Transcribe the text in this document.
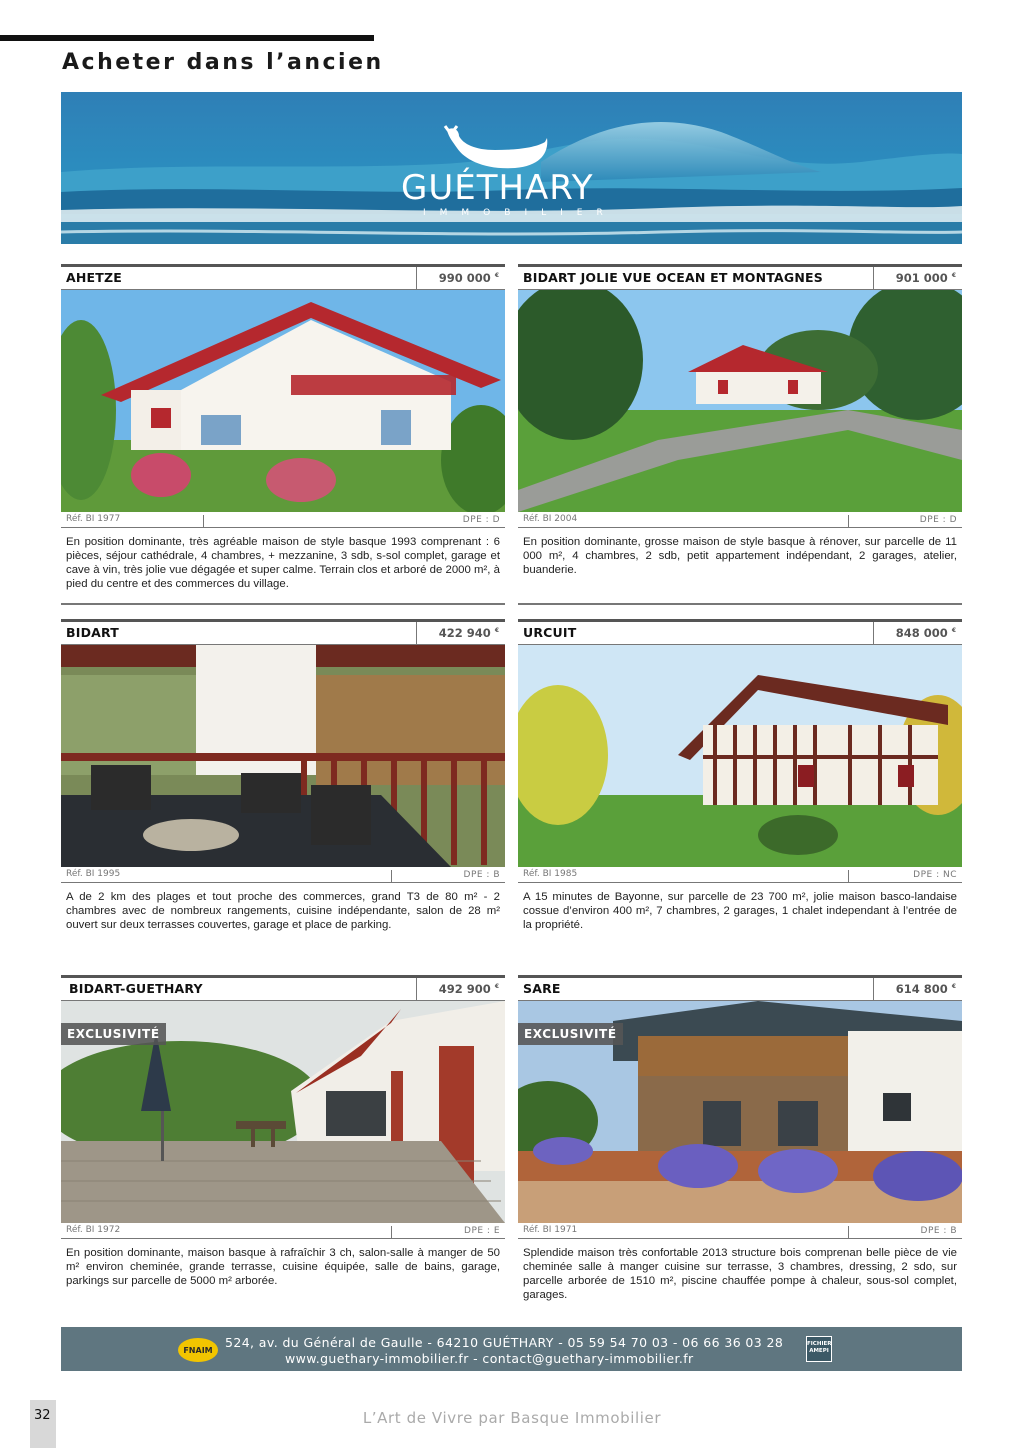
Acheter dans l’ancien
GUÉTHARY
IMMOBILIER
AHETZE	990 000 €
Réf. BI 1977	DPE : D

En position dominante, très agréable maison de style basque 1993 comprenant : 6 pièces, séjour cathédrale, 4 chambres, + mezzanine, 3 sdb, s-sol complet, garage et cave à vin, très jolie vue dégagée et super calme. Terrain clos et arboré de 2000 m², à pied du centre et des commerces du village.

BIDART JOLIE VUE OCEAN ET MONTAGNES	901 000 €
Réf. BI 2004	DPE : D

En position dominante, grosse maison de style basque à rénover, sur parcelle de 11 000 m², 4 chambres, 2 sdb, petit appartement indépendant, 2 garages, atelier, buanderie.

BIDART	422 940 €
Réf. BI 1995	DPE : B

A de 2 km des plages et tout proche des commerces, grand T3 de 80 m² - 2 chambres avec de nombreux rangements, cuisine indépendante, salon de 28 m² ouvert sur deux terrasses couvertes, garage et place de parking.

URCUIT	848 000 €
Réf. BI 1985	DPE : NC

A 15 minutes de Bayonne, sur parcelle de 23 700 m², jolie maison basco-landaise cossue d’environ 400 m², 7 chambres, 2 garages, 1 chalet independant à l’entrée de la propriété.

BIDART-GUETHARY	492 900 €
EXCLUSIVITÉ
Réf. BI 1972	DPE : E

En position dominante, maison basque à rafraîchir 3 ch, salon-salle à manger de 50 m² environ cheminée, grande terrasse, cuisine équipée, salle de bains, garage, parkings sur parcelle de 5000 m² arborée.

SARE	614 800 €
EXCLUSIVITÉ
Réf. BI 1971	DPE : B

Splendide maison très confortable 2013 structure bois comprenan belle pièce de vie cheminée salle à manger cuisine sur terrasse, 3 chambres, dressing, 2 sdo, sur parcelle arborée de 1510 m², piscine chauffée pompe à chaleur, sous-sol complet, garages.

FNAIM
524, av. du Général de Gaulle - 64210 GUÉTHARY - 05 59 54 70 03 - 06 66 36 03 28
www.guethary-immobilier.fr - contact@guethary-immobilier.fr
FICHIER AMEPI
32	L’Art de Vivre par Basque Immobilier
